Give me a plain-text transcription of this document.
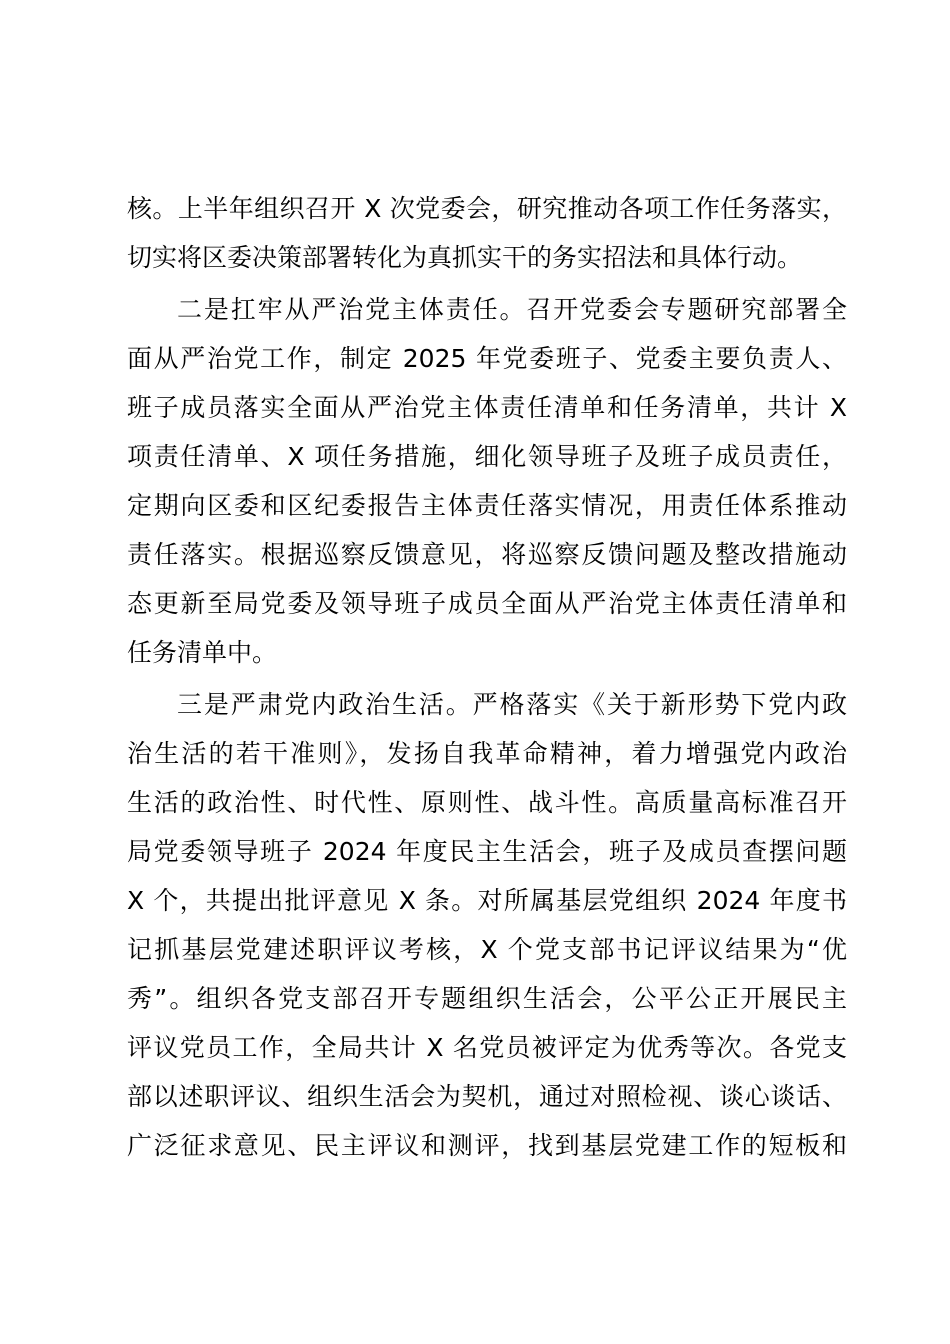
核。上半年组织召开 X 次党委会，研究推动各项工作任务落实，
切实将区委决策部署转化为真抓实干的务实招法和具体行动。
二是扛牢从严治党主体责任。召开党委会专题研究部署全
面从严治党工作，制定 2025 年党委班子、党委主要负责人、
班子成员落实全面从严治党主体责任清单和任务清单，共计 X
项责任清单、X 项任务措施，细化领导班子及班子成员责任，
定期向区委和区纪委报告主体责任落实情况，用责任体系推动
责任落实。根据巡察反馈意见，将巡察反馈问题及整改措施动
态更新至局党委及领导班子成员全面从严治党主体责任清单和
任务清单中。
三是严肃党内政治生活。严格落实《关于新形势下党内政
治生活的若干准则》，发扬自我革命精神，着力增强党内政治
生活的政治性、时代性、原则性、战斗性。高质量高标准召开
局党委领导班子 2024 年度民主生活会，班子及成员查摆问题
X 个，共提出批评意见 X 条。对所属基层党组织 2024 年度书
记抓基层党建述职评议考核，X 个党支部书记评议结果为“优
秀”。组织各党支部召开专题组织生活会，公平公正开展民主
评议党员工作，全局共计 X 名党员被评定为优秀等次。各党支
部以述职评议、组织生活会为契机，通过对照检视、谈心谈话、
广泛征求意见、民主评议和测评，找到基层党建工作的短板和
